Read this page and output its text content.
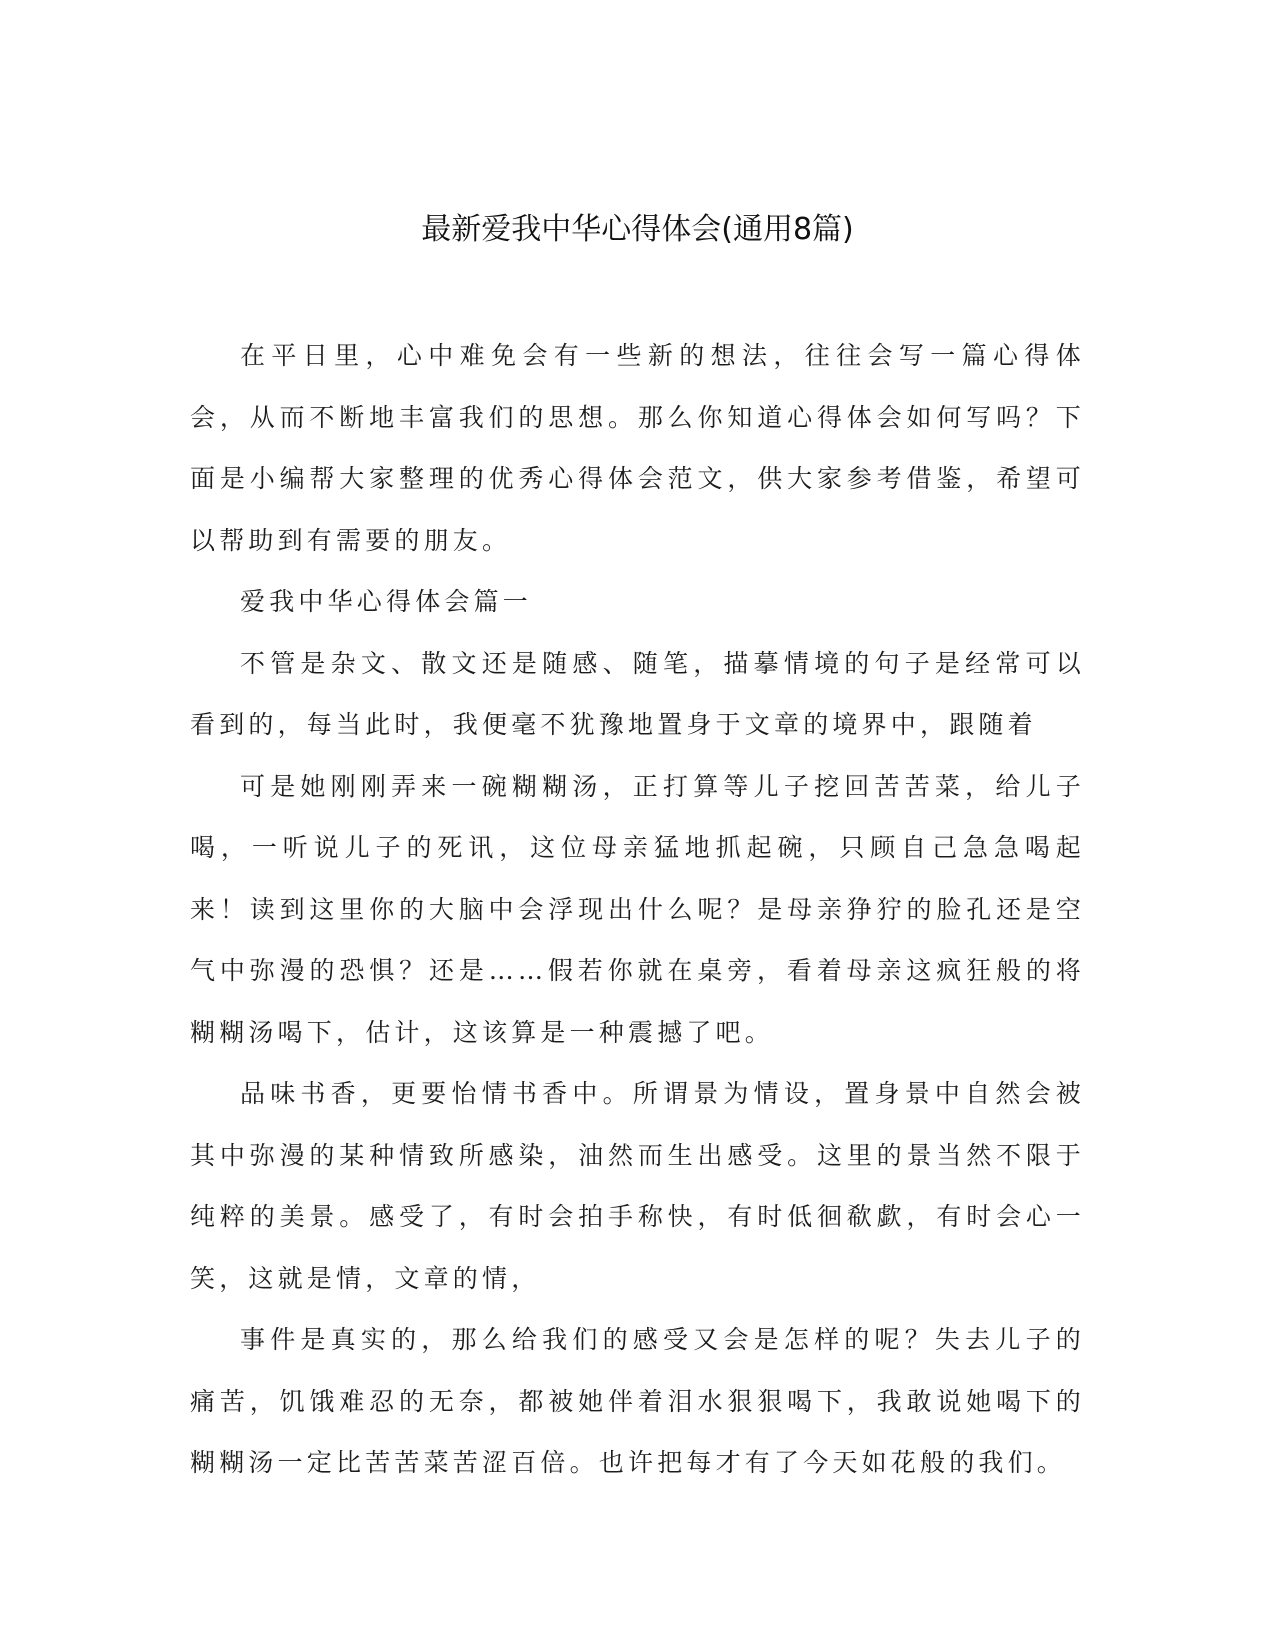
最新爱我中华心得体会(通用8篇)

在平日里，心中难免会有一些新的想法，往往会写一篇心得体会，从而不断地丰富我们的思想。那么你知道心得体会如何写吗？下面是小编帮大家整理的优秀心得体会范文，供大家参考借鉴，希望可以帮助到有需要的朋友。

爱我中华心得体会篇一

不管是杂文、散文还是随感、随笔，描摹情境的句子是经常可以看到的，每当此时，我便毫不犹豫地置身于文章的境界中，跟随着

可是她刚刚弄来一碗糊糊汤，正打算等儿子挖回苦苦菜，给儿子喝，一听说儿子的死讯，这位母亲猛地抓起碗，只顾自己急急喝起来！读到这里你的大脑中会浮现出什么呢？是母亲狰狞的脸孔还是空气中弥漫的恐惧？还是……假若你就在桌旁，看着母亲这疯狂般的将糊糊汤喝下，估计，这该算是一种震撼了吧。

品味书香，更要怡情书香中。所谓景为情设，置身景中自然会被其中弥漫的某种情致所感染，油然而生出感受。这里的景当然不限于纯粹的美景。感受了，有时会拍手称快，有时低徊欷歔，有时会心一笑，这就是情，文章的情，

事件是真实的，那么给我们的感受又会是怎样的呢？失去儿子的痛苦，饥饿难忍的无奈，都被她伴着泪水狠狠喝下，我敢说她喝下的糊糊汤一定比苦苦菜苦涩百倍。也许把每才有了今天如花般的我们。
